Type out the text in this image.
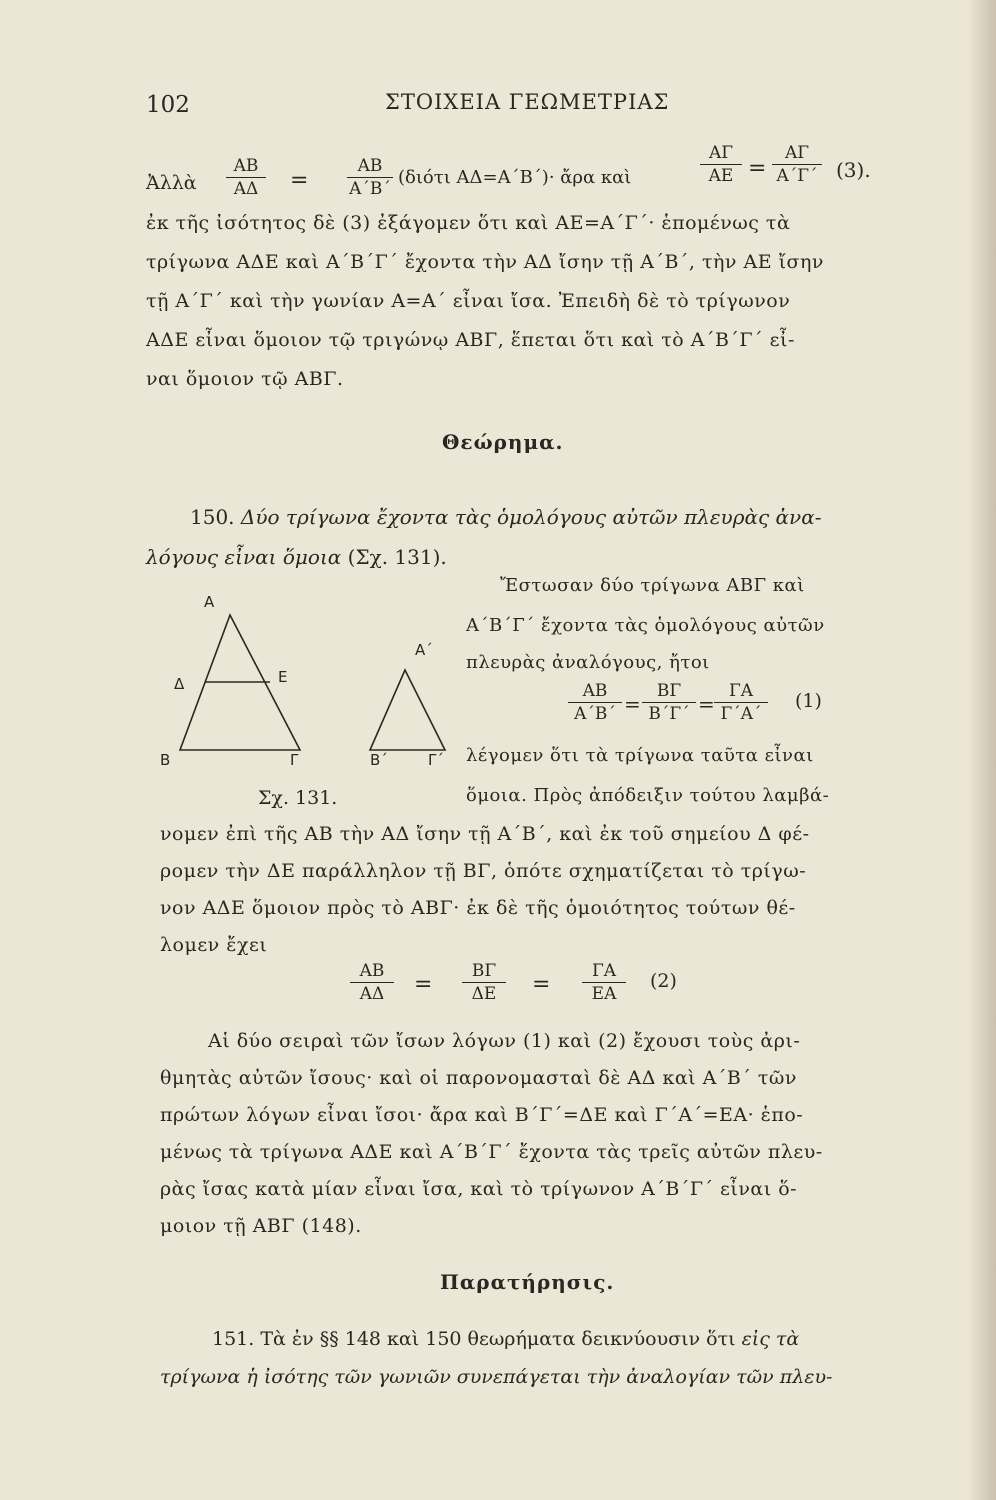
102	ΣΤΟΙΧΕΙΑ ΓΕΩΜΕΤΡΙΑΣ
Ἀλλὰ $\frac{AB}{A\Delta} = \frac{AB}{A΄B΄} (\delta\iota ό\tau\iota$ ΑΔ=Α΄Β΄)· ἄρα καὶ	$\frac{A\Gamma}{AE} = \frac{A\Gamma}{A΄\Gamma΄} (3)$.
ἐκ τῆς ἰσότητος δὲ (3) ἐξάγομεν ὅτι καὶ ΑΕ=Α΄Γ΄· ἑπομένως τὰ
τρίγωνα ΑΔΕ καὶ Α΄Β΄Γ΄ ἔχοντα τὴν ΑΔ ἴσην τῇ Α΄Β΄, τὴν ΑΕ ἴσην
τῇ Α΄Γ΄ καὶ τὴν γωνίαν Α=Α΄ εἶναι ἴσα. Ἐπειδὴ δὲ τὸ τρίγωνον
ΑΔΕ εἶναι ὅμοιον τῷ τριγώνῳ ΑΒΓ, ἕπεται ὅτι καὶ τὸ Α΄Β΄Γ΄ εἶ-
ναι ὅμοιον τῷ ΑΒΓ.
Θεώρημα.
150. Δύο τρίγωνα ἔχοντα τὰς ὁμολόγους αὐτῶν πλευρὰς ἀνα-
λόγους εἶναι ὅμοια (Σχ. 131).
Α
Δ	Ε
Β	Γ
Α΄
Β΄	Γ΄
Σχ. 131.
Ἔστωσαν δύο τρίγωνα ΑΒΓ καὶ
Α΄Β΄Γ΄ ἔχοντα τὰς ὁμολόγους αὐτῶν
πλευρὰς ἀναλόγους, ἤτοι
$\frac{AB}{A΄B΄} = \frac{B\Gamma}{B΄\Gamma΄} = \frac{\Gamma A}{\Gamma΄A΄} (1)$
λέγομεν ὅτι τὰ τρίγωνα ταῦτα εἶναι
ὅμοια. Πρὸς ἀπόδειξιν τούτου λαμβά-
νομεν ἐπὶ τῆς ΑΒ τὴν ΑΔ ἴσην τῇ Α΄Β΄, καὶ ἐκ τοῦ σημείου Δ φέ-
ρομεν τὴν ΔΕ παράλληλον τῇ ΒΓ, ὁπότε σχηματίζεται τὸ τρίγω-
νον ΑΔΕ ὅμοιον πρὸς τὸ ΑΒΓ· ἐκ δὲ τῆς ὁμοιότητος τούτων θέ-
λομεν ἔχει
$\frac{AB}{A\Delta} = \frac{B\Gamma}{\Delta E} = \frac{\Gamma A}{EA} (2)$
Αἱ δύο σειραὶ τῶν ἴσων λόγων (1) καὶ (2) ἔχουσι τοὺς ἀρι-
θμητὰς αὐτῶν ἴσους· καὶ οἱ παρονομασταὶ δὲ ΑΔ καὶ Α΄Β΄ τῶν
πρώτων λόγων εἶναι ἴσοι· ἄρα καὶ Β΄Γ΄=ΔΕ καὶ Γ΄Α΄=ΕΑ· ἑπο-
μένως τὰ τρίγωνα ΑΔΕ καὶ Α΄Β΄Γ΄ ἔχοντα τὰς τρεῖς αὐτῶν πλευ-
ρὰς ἴσας κατὰ μίαν εἶναι ἴσα, καὶ τὸ τρίγωνον Α΄Β΄Γ΄ εἶναι ὅ-
μοιον τῇ ΑΒΓ (148).
Παρατήρησις.
151. Τὰ ἐν §§ 148 καὶ 150 θεωρήματα δεικνύουσιν ὅτι εἰς τὰ
τρίγωνα ἡ ἰσότης τῶν γωνιῶν συνεπάγεται τὴν ἀναλογίαν τῶν πλευ-
